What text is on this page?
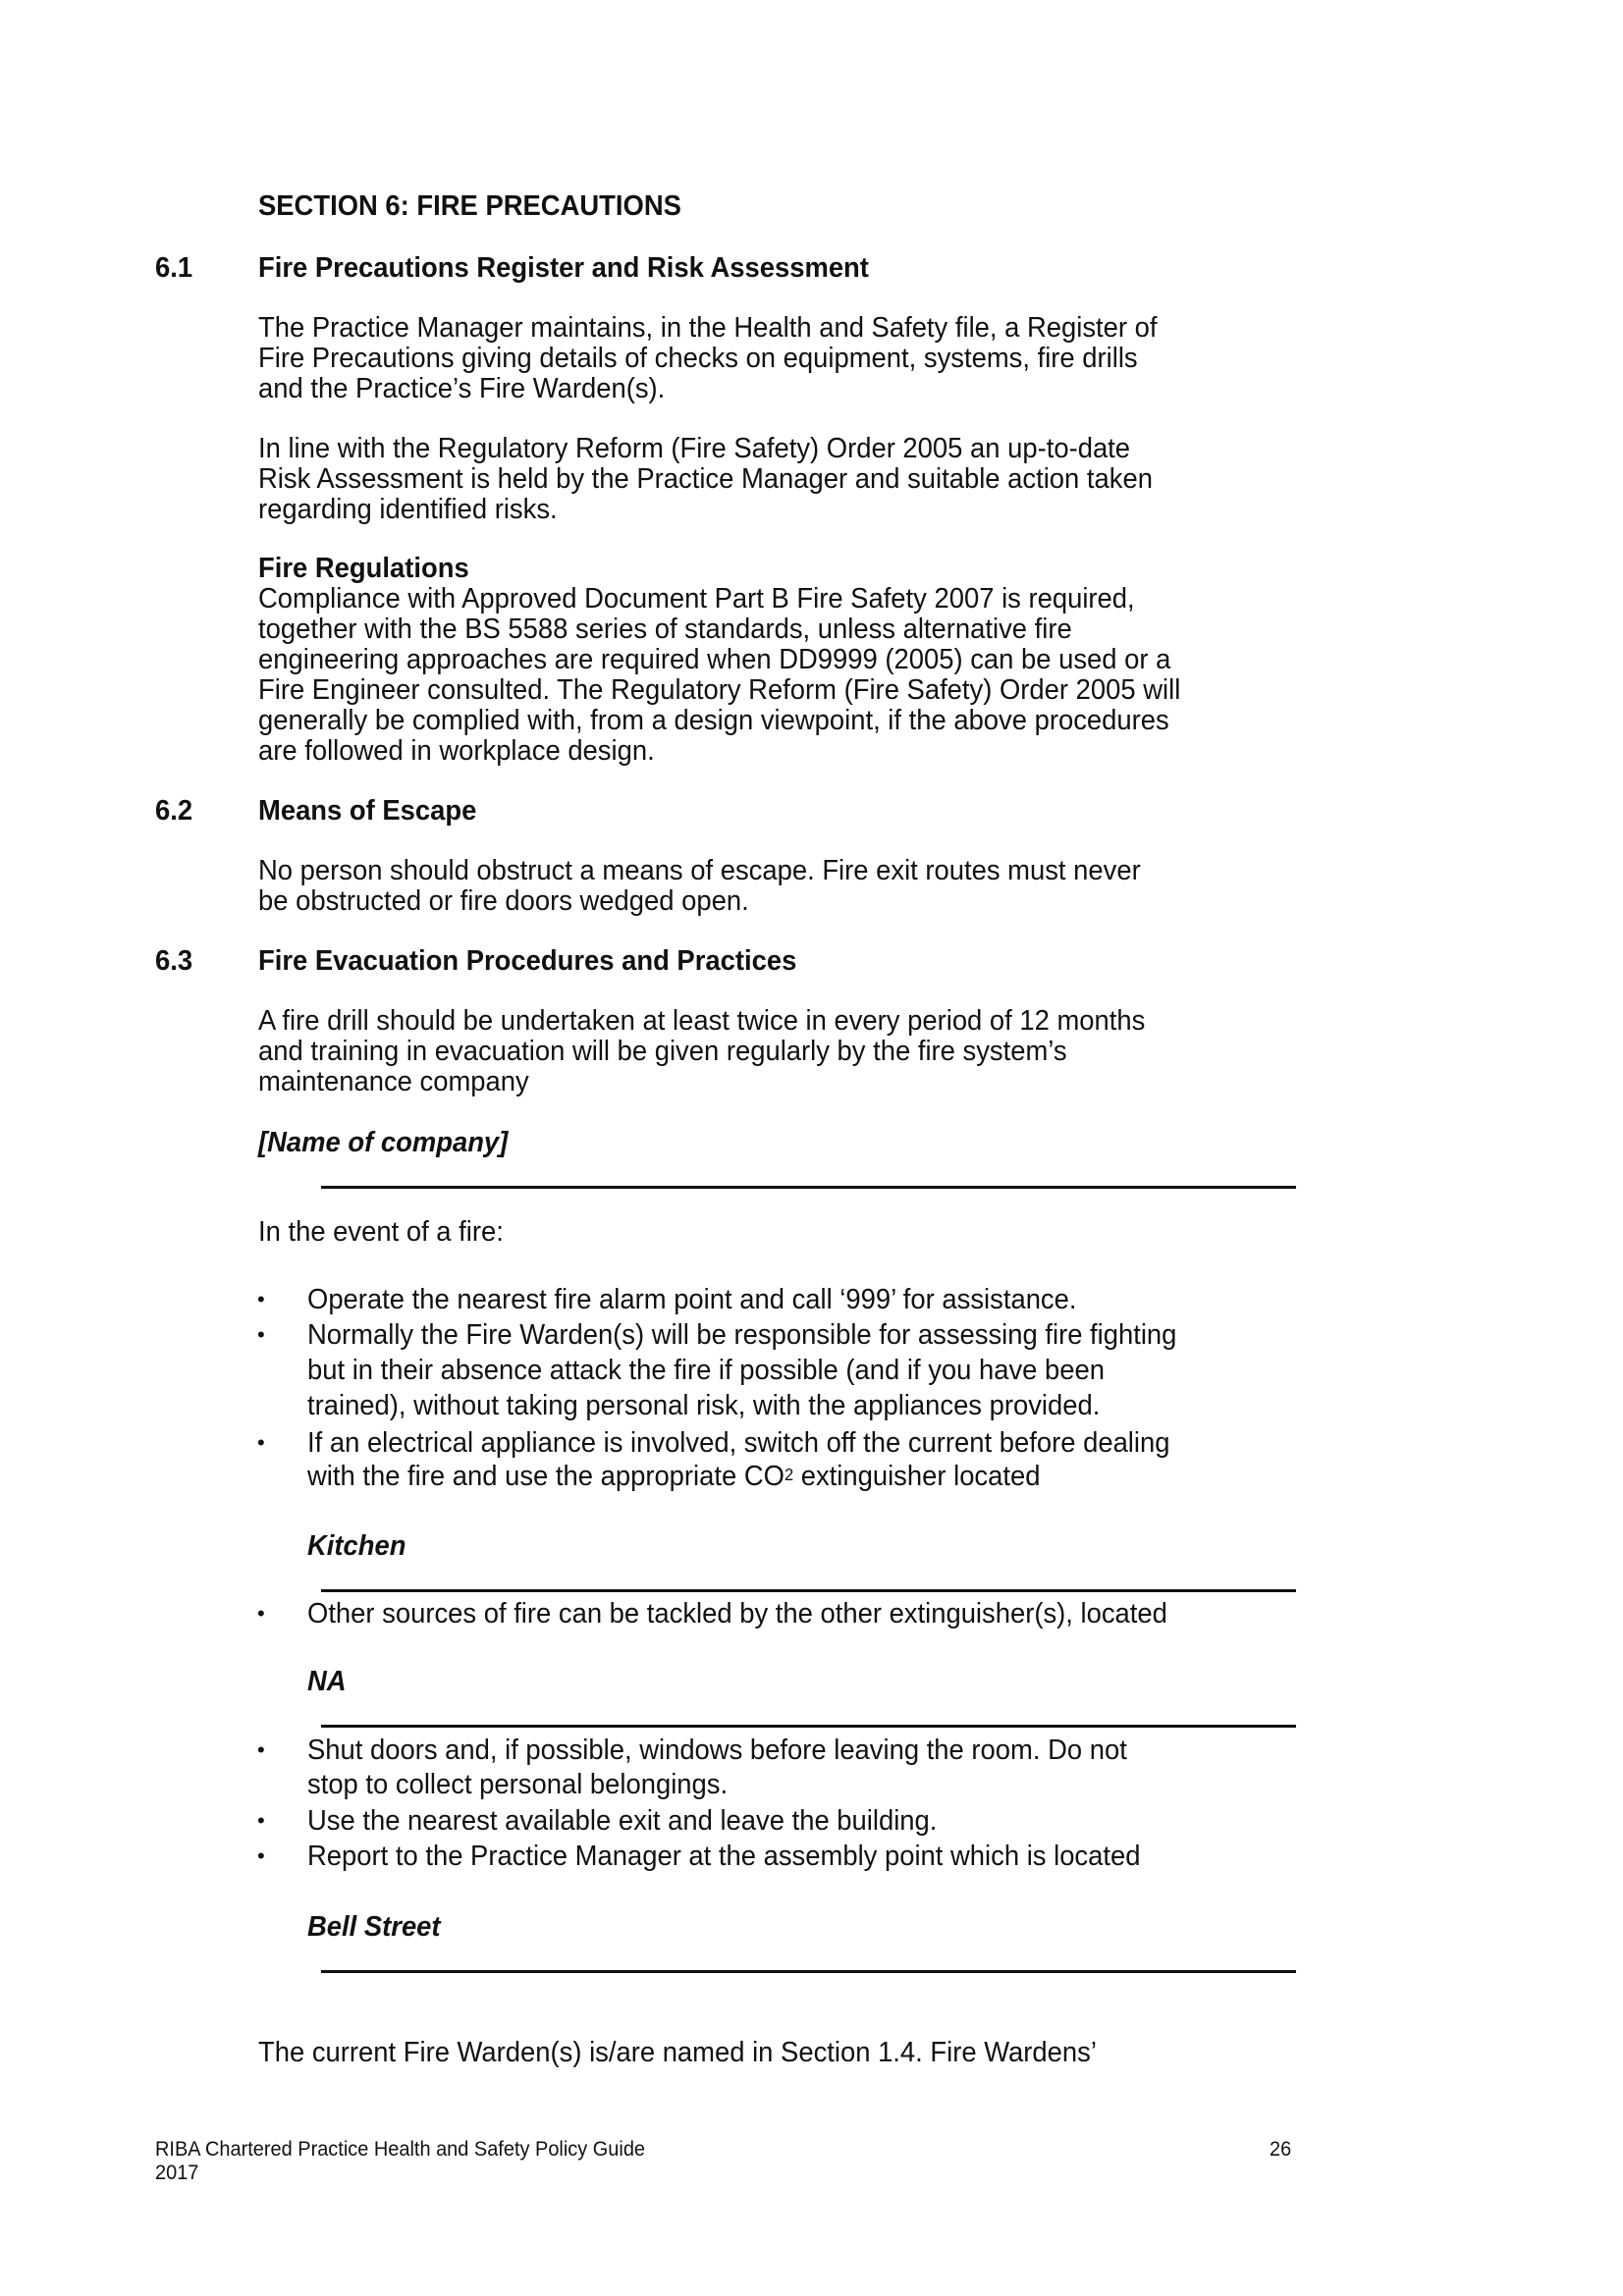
SECTION 6: FIRE PRECAUTIONS
6.1 Fire Precautions Register and Risk Assessment
The Practice Manager maintains, in the Health and Safety file, a Register of
Fire Precautions giving details of checks on equipment, systems, fire drills
and the Practice’s Fire Warden(s).
In line with the Regulatory Reform (Fire Safety) Order 2005 an up-to-date
Risk Assessment is held by the Practice Manager and suitable action taken
regarding identified risks.
Fire Regulations
Compliance with Approved Document Part B Fire Safety 2007 is required,
together with the BS 5588 series of standards, unless alternative fire
engineering approaches are required when DD9999 (2005) can be used or a
Fire Engineer consulted. The Regulatory Reform (Fire Safety) Order 2005 will
generally be complied with, from a design viewpoint, if the above procedures
are followed in workplace design.
6.2 Means of Escape
No person should obstruct a means of escape. Fire exit routes must never
be obstructed or fire doors wedged open.
6.3 Fire Evacuation Procedures and Practices
A fire drill should be undertaken at least twice in every period of 12 months
and training in evacuation will be given regularly by the fire system’s
maintenance company
[Name of company]
In the event of a fire:
• Operate the nearest fire alarm point and call ‘999’ for assistance.
• Normally the Fire Warden(s) will be responsible for assessing fire fighting
but in their absence attack the fire if possible (and if you have been
trained), without taking personal risk, with the appliances provided.
• If an electrical appliance is involved, switch off the current before dealing
with the fire and use the appropriate $CO^2$ extinguisher located
Kitchen
• Other sources of fire can be tackled by the other extinguisher(s), located
NA
• Shut doors and, if possible, windows before leaving the room. Do not
stop to collect personal belongings.
• Use the nearest available exit and leave the building.
• Report to the Practice Manager at the assembly point which is located
Bell Street
The current Fire Warden(s) is/are named in Section 1.4. Fire Wardens’
RIBA Chartered Practice Health and Safety Policy Guide
2017
26
